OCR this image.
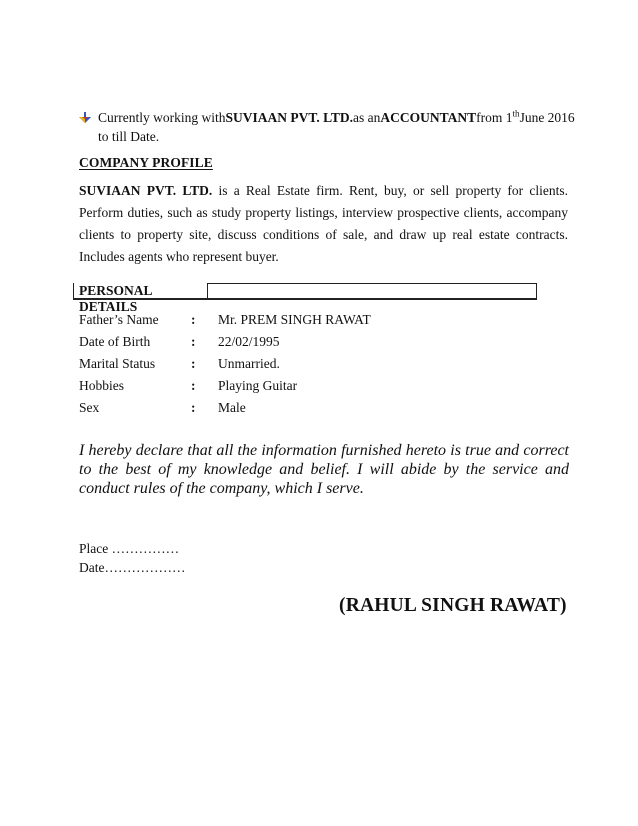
Currently working with SUVIAAN PVT. LTD. as an ACCOUNTANT from 1th June 2016
to till Date.
COMPANY PROFILE
SUVIAAN PVT. LTD. is a Real Estate firm. Rent, buy, or sell property for clients. Perform duties, such as study property listings, interview prospective clients, accompany clients to property site, discuss conditions of sale, and draw up real estate contracts. Includes agents who represent buyer.
PERSONAL DETAILS
Father’s Name	:	Mr. PREM SINGH RAWAT
Date of Birth	:	22/02/1995
Marital Status	:	Unmarried.
Hobbies	:	Playing Guitar
Sex	:	Male
I hereby declare that all the information furnished hereto is true and correct to the best of my knowledge and belief. I will abide by the service and conduct rules of the company, which I serve.
Place ……………
Date………………
(RAHUL SINGH RAWAT)
